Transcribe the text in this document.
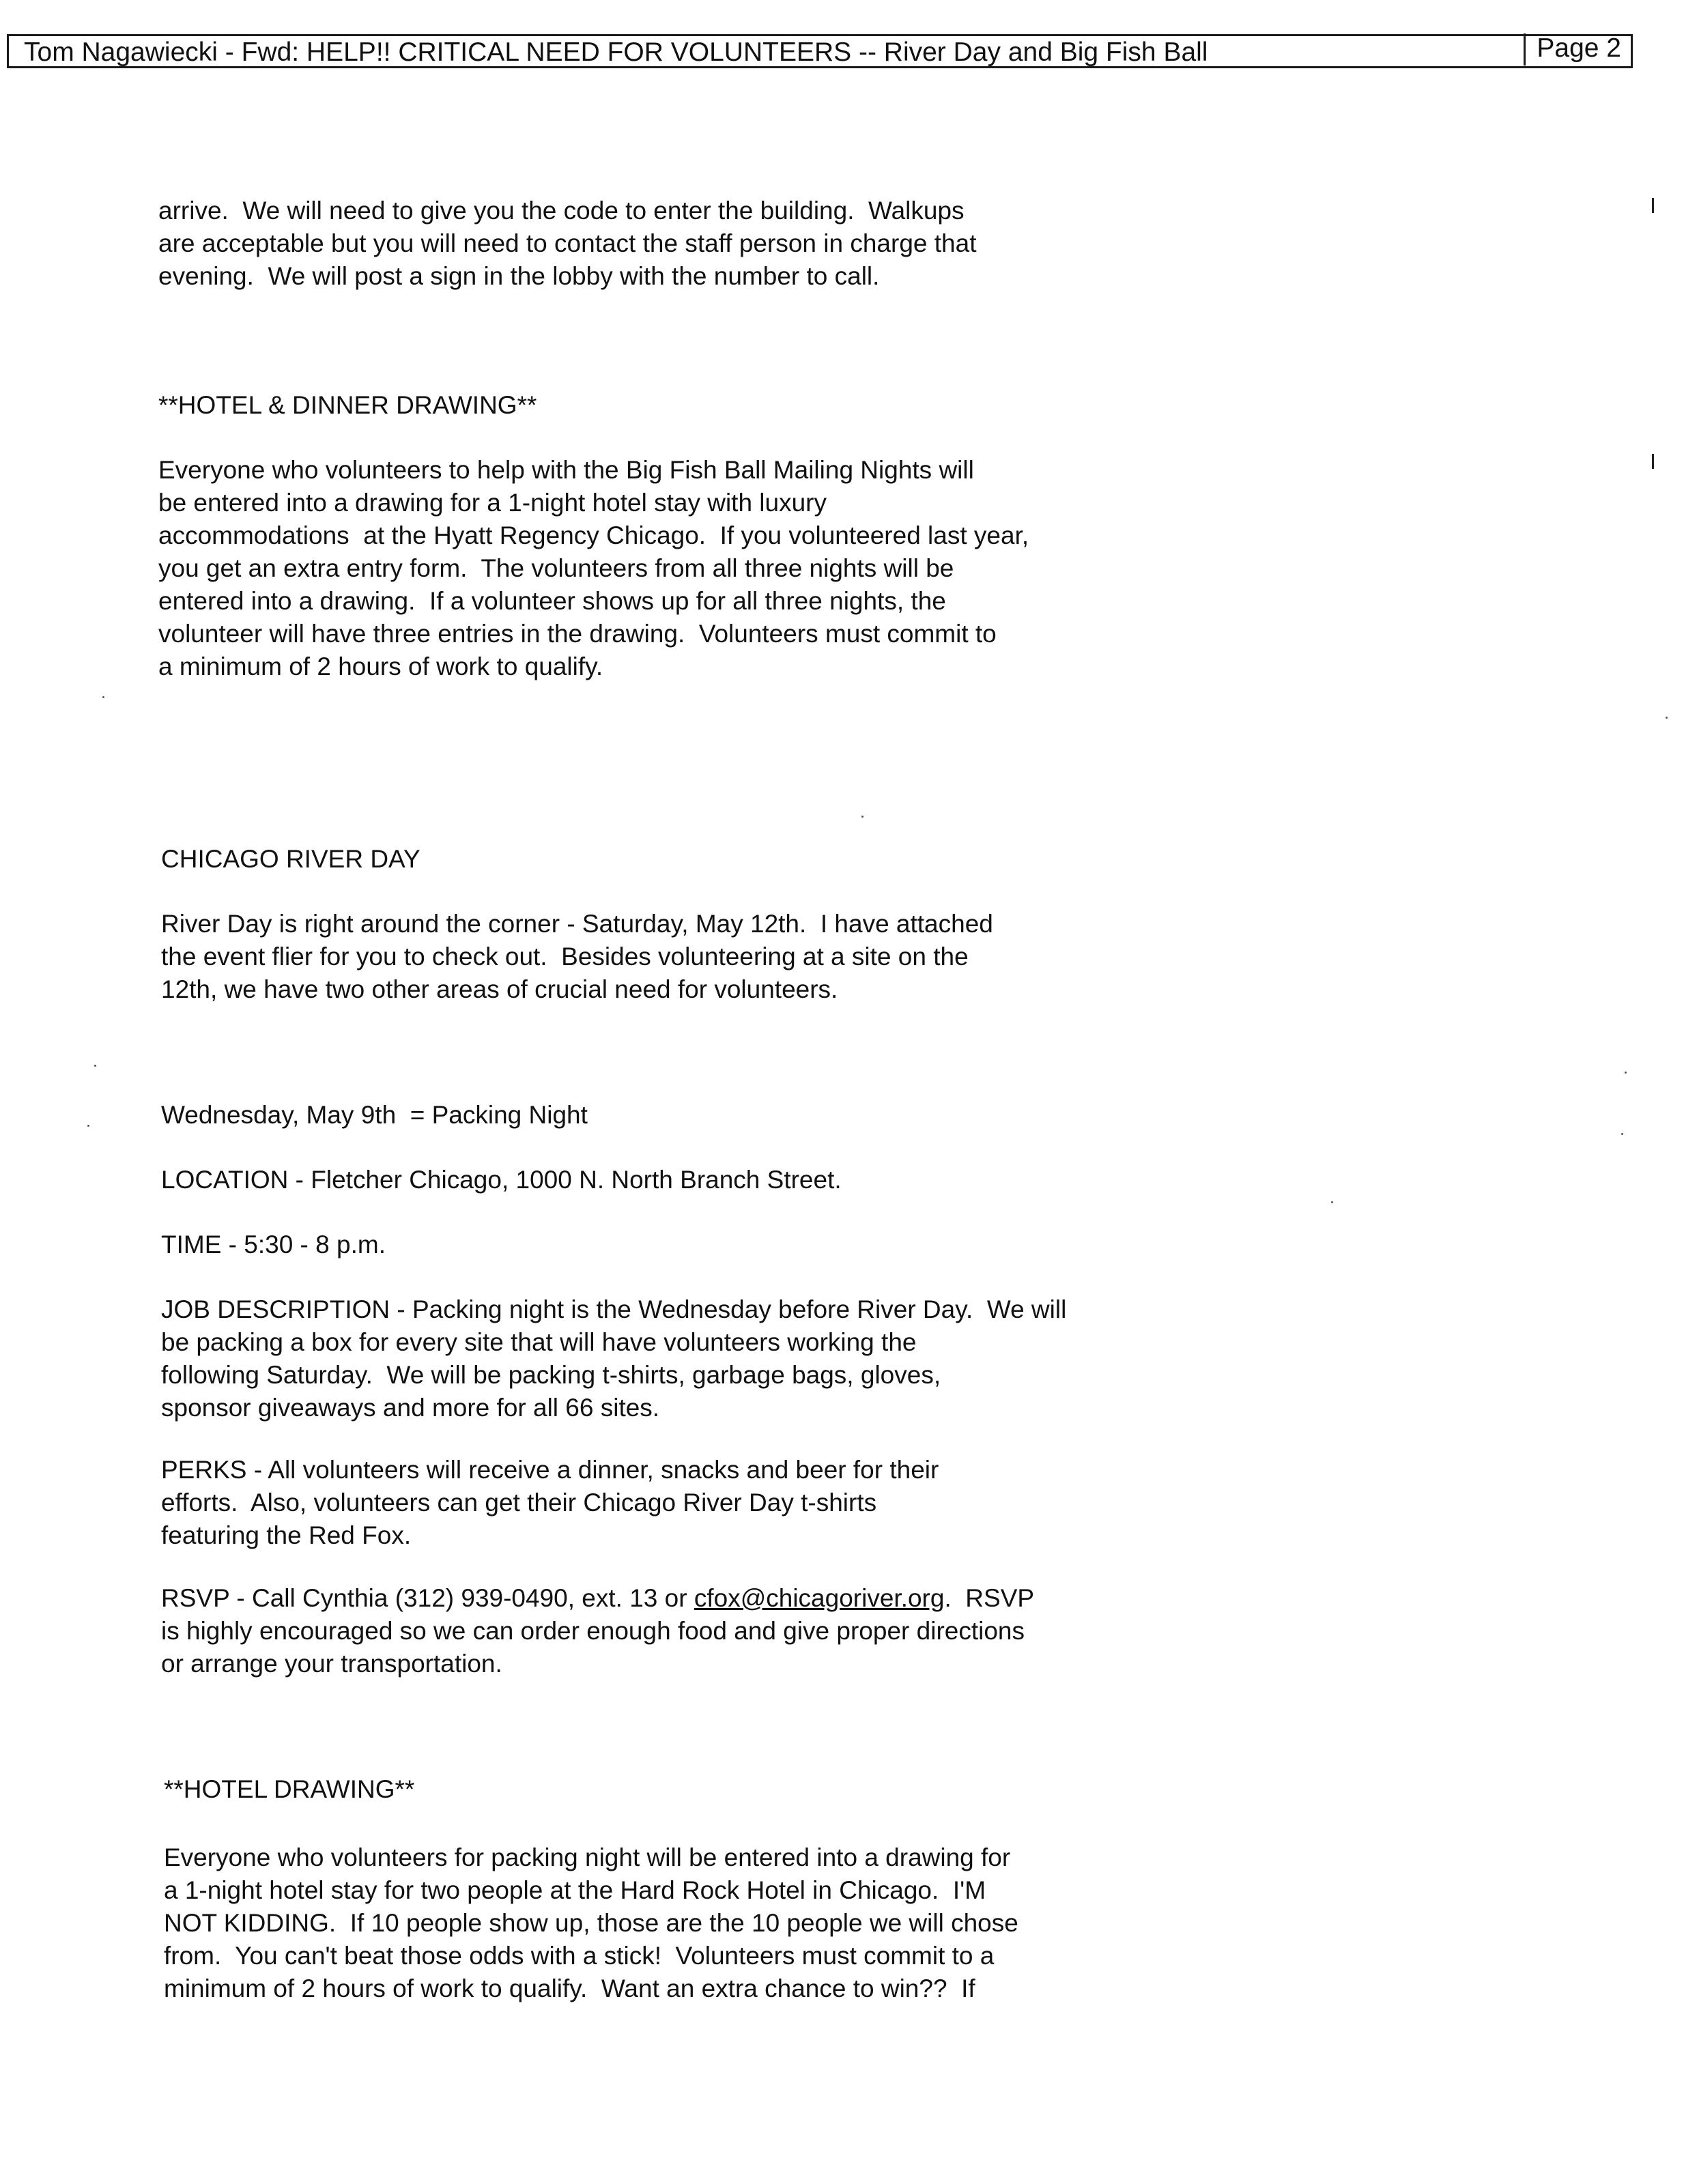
Tom Nagawiecki - Fwd: HELP!! CRITICAL NEED FOR VOLUNTEERS -- River Day and Big Fish Ball	Page 2
arrive.  We will need to give you the code to enter the building.  Walkups
are acceptable but you will need to contact the staff person in charge that
evening.  We will post a sign in the lobby with the number to call.
**HOTEL & DINNER DRAWING**
Everyone who volunteers to help with the Big Fish Ball Mailing Nights will
be entered into a drawing for a 1-night hotel stay with luxury
accommodations  at the Hyatt Regency Chicago.  If you volunteered last year,
you get an extra entry form.  The volunteers from all three nights will be
entered into a drawing.  If a volunteer shows up for all three nights, the
volunteer will have three entries in the drawing.  Volunteers must commit to
a minimum of 2 hours of work to qualify.
CHICAGO RIVER DAY
River Day is right around the corner - Saturday, May 12th.  I have attached
the event flier for you to check out.  Besides volunteering at a site on the
12th, we have two other areas of crucial need for volunteers.
Wednesday, May 9th  = Packing Night
LOCATION - Fletcher Chicago, 1000 N. North Branch Street.
TIME - 5:30 - 8 p.m.
JOB DESCRIPTION - Packing night is the Wednesday before River Day.  We will
be packing a box for every site that will have volunteers working the
following Saturday.  We will be packing t-shirts, garbage bags, gloves,
sponsor giveaways and more for all 66 sites.
PERKS - All volunteers will receive a dinner, snacks and beer for their
efforts.  Also, volunteers can get their Chicago River Day t-shirts
featuring the Red Fox.
RSVP - Call Cynthia (312) 939-0490, ext. 13 or cfox@chicagoriver.org.  RSVP
is highly encouraged so we can order enough food and give proper directions
or arrange your transportation.
**HOTEL DRAWING**
Everyone who volunteers for packing night will be entered into a drawing for
a 1-night hotel stay for two people at the Hard Rock Hotel in Chicago.  I'M
NOT KIDDING.  If 10 people show up, those are the 10 people we will chose
from.  You can't beat those odds with a stick!  Volunteers must commit to a
minimum of 2 hours of work to qualify.  Want an extra chance to win??  If
